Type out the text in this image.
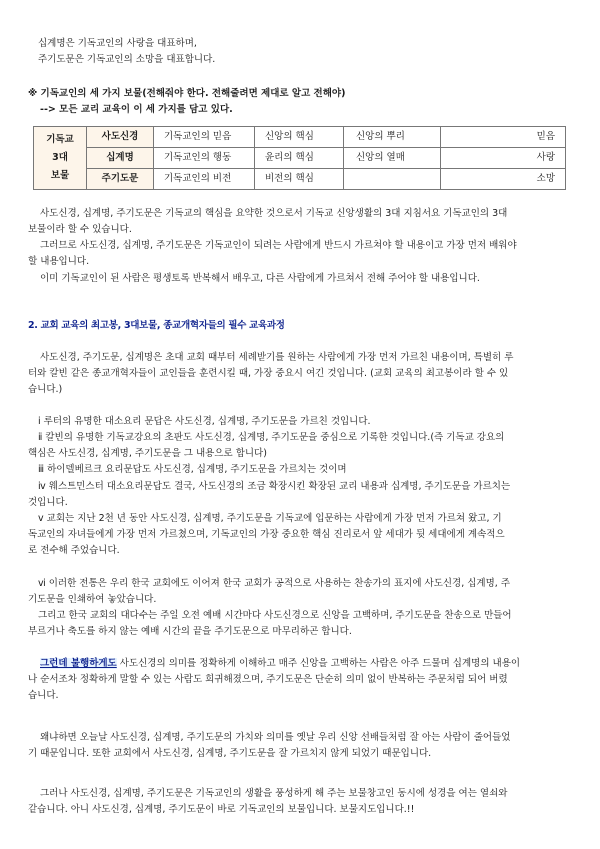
십계명은 기독교인의 사랑을 대표하며,

주기도문은 기독교인의 소망을 대표합니다.

※ 기독교인의 세 가지 보물(전해줘야 한다. 전해줄려면 제대로 알고 전해야)

--> 모든 교리 교육이 이 세 가지를 담고 있다.

기독교
3대
보물	사도신경	기독교인의 믿음	신앙의 핵심	신앙의 뿌리	믿음
	십계명	기독교인의 행동	윤리의 핵심	신앙의 열매	사랑
	주기도문	기독교인의 비전	비전의 핵심		소망

사도신경, 십계명, 주기도문은 기독교의 핵심을 요약한 것으로서 기독교 신앙생활의 3대 지침서요 기독교인의 3대

보물이라 할 수 있습니다.

그러므로 사도신경, 십계명, 주기도문은 기독교인이 되려는 사람에게 반드시 가르쳐야 할 내용이고 가장 먼저 배워야

할 내용입니다.

이미 기독교인이 된 사람은 평생토록 반복해서 배우고, 다른 사람에게 가르쳐서 전해 주어야 할 내용입니다.

2. 교회 교육의 최고봉, 3대보물, 종교개혁자들의 필수 교육과정

사도신경, 주기도문, 십계명은 초대 교회 때부터 세례받기를 원하는 사람에게 가장 먼저 가르친 내용이며, 특별히 루

터와 칼빈 같은 종교개혁자들이 교인들을 훈련시킬 때, 가장 중요시 여긴 것입니다. (교회 교육의 최고봉이라 할 수 있

습니다.)

ⅰ 루터의 유명한 대소요리 문답은 사도신경, 십계명, 주기도문을 가르친 것입니다.

ⅱ 칼빈의 유명한 기독교강요의 초판도 사도신경, 십계명, 주기도문을 중심으로 기록한 것입니다.(즉 기독교 강요의

핵심은 사도신경, 십계명, 주기도문을 그 내용으로 합니다)

ⅲ 하이델베르크 요리문답도 사도신경, 십계명, 주기도문을 가르치는 것이며

ⅳ 웨스트민스터 대소요리문답도 결국, 사도신경의 조금 확장시킨 확장된 교리 내용과 십계명, 주기도문을 가르치는

것입니다.

ⅴ 교회는 지난 2천 년 동안 사도신경, 십계명, 주기도문을 기독교에 입문하는 사람에게 가장 먼저 가르쳐 왔고, 기

독교인의 자녀들에게 가장 먼저 가르쳤으며, 기독교인의 가장 중요한 핵심 진리로서 앞 세대가 뒷 세대에게 계속적으

로 전수해 주었습니다.

ⅵ 이러한 전통은 우리 한국 교회에도 이어져 한국 교회가 공적으로 사용하는 찬송가의 표지에 사도신경, 십계명, 주

기도문을 인쇄하여 놓았습니다.

그리고 한국 교회의 대다수는 주일 오전 예배 시간마다 사도신경으로 신앙을 고백하며, 주기도문을 찬송으로 만들어

부르거나 축도를 하지 않는 예배 시간의 끝을 주기도문으로 마무리하곤 합니다.

그런데 불행하게도 사도신경의 의미를 정확하게 이해하고 매주 신앙을 고백하는 사람은 아주 드물며 십계명의 내용이

나 순서조차 정확하게 말할 수 있는 사람도 희귀해졌으며, 주기도문은 단순히 의미 없이 반복하는 주문처럼 되어 버렸

습니다.

왜냐하면 오늘날 사도신경, 십계명, 주기도문의 가치와 의미를 옛날 우리 신앙 선배들처럼 잘 아는 사람이 줄어들었

기 때문입니다. 또한 교회에서 사도신경, 십계명, 주기도문을 잘 가르치지 않게 되었기 때문입니다.

그러나 사도신경, 십계명, 주기도문은 기독교인의 생활을 풍성하게 해 주는 보물창고인 동시에 성경을 여는 열쇠와

같습니다. 아니 사도신경, 십계명, 주기도문이 바로 기독교인의 보물입니다. 보물지도입니다.!!
